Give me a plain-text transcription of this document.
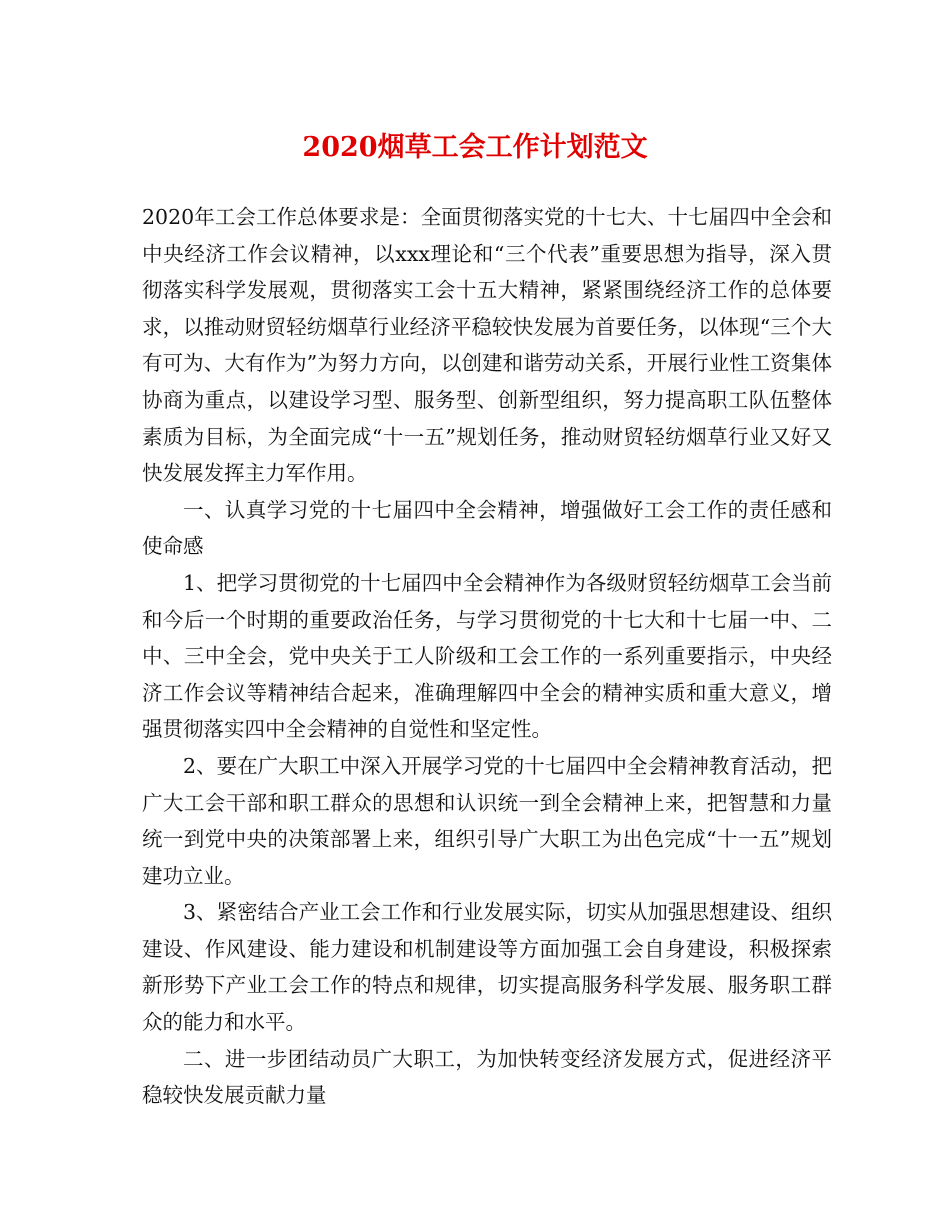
2020烟草工会工作计划范文

2020年工会工作总体要求是：全面贯彻落实党的十七大、十七届四中全会和中央经济工作会议精神，以xxx理论和“三个代表”重要思想为指导，深入贯彻落实科学发展观，贯彻落实工会十五大精神，紧紧围绕经济工作的总体要求，以推动财贸轻纺烟草行业经济平稳较快发展为首要任务，以体现“三个大有可为、大有作为”为努力方向，以创建和谐劳动关系，开展行业性工资集体协商为重点，以建设学习型、服务型、创新型组织，努力提高职工队伍整体素质为目标，为全面完成“十一五”规划任务，推动财贸轻纺烟草行业又好又快发展发挥主力军作用。

一、认真学习党的十七届四中全会精神，增强做好工会工作的责任感和使命感

1、把学习贯彻党的十七届四中全会精神作为各级财贸轻纺烟草工会当前和今后一个时期的重要政治任务，与学习贯彻党的十七大和十七届一中、二中、三中全会，党中央关于工人阶级和工会工作的一系列重要指示，中央经济工作会议等精神结合起来，准确理解四中全会的精神实质和重大意义，增强贯彻落实四中全会精神的自觉性和坚定性。

2、要在广大职工中深入开展学习党的十七届四中全会精神教育活动，把广大工会干部和职工群众的思想和认识统一到全会精神上来，把智慧和力量统一到党中央的决策部署上来，组织引导广大职工为出色完成“十一五”规划建功立业。

3、紧密结合产业工会工作和行业发展实际，切实从加强思想建设、组织建设、作风建设、能力建设和机制建设等方面加强工会自身建设，积极探索新形势下产业工会工作的特点和规律，切实提高服务科学发展、服务职工群众的能力和水平。

二、进一步团结动员广大职工，为加快转变经济发展方式，促进经济平稳较快发展贡献力量
